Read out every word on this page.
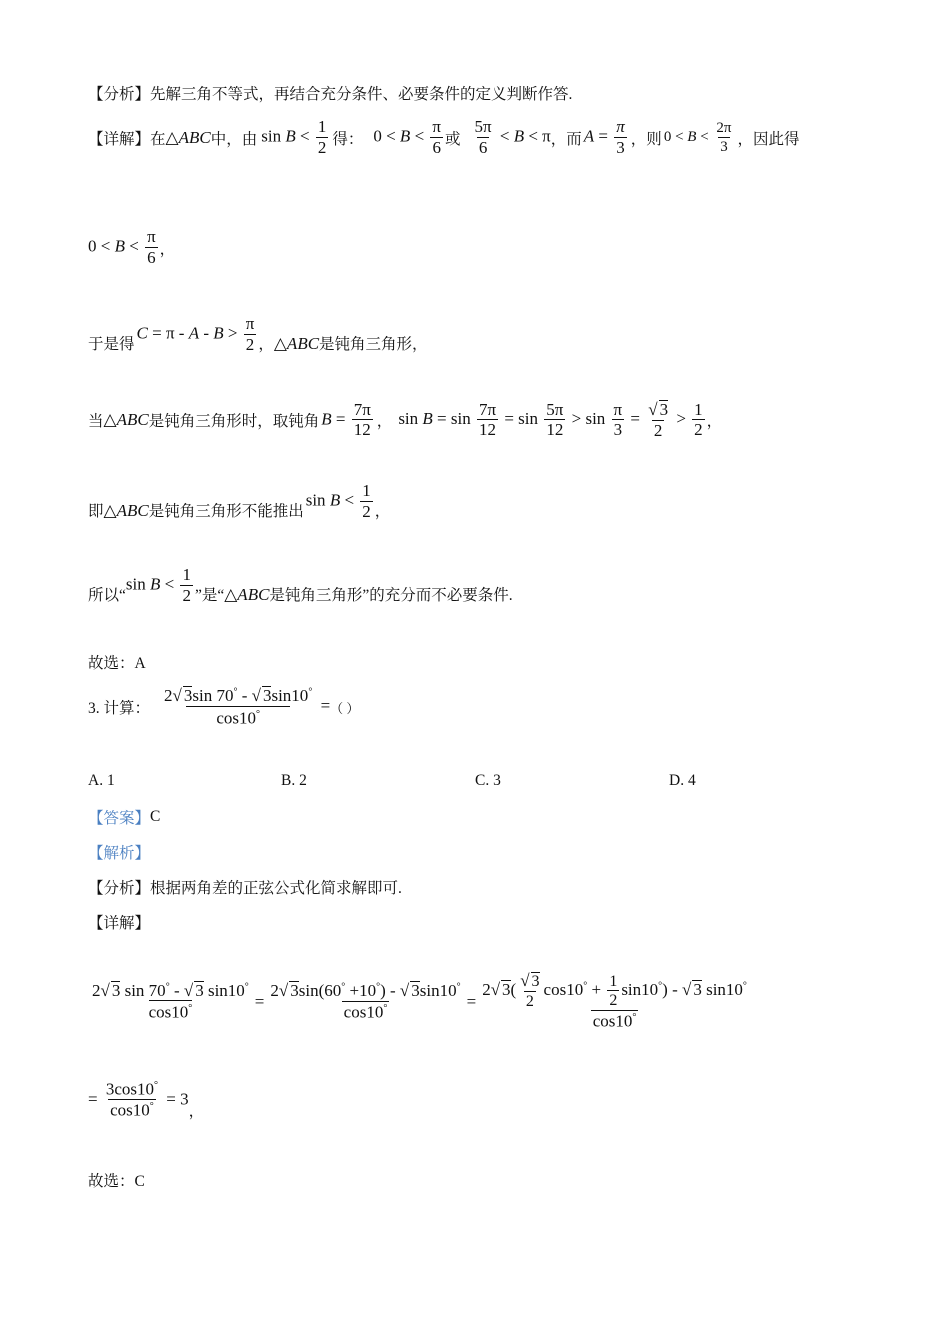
【分析】 先解三角不等式，再结合充分条件、必要条件的定义判断作答.
【详解】 在 △ABC 中，由 $\sin B < \frac{1}{2}$ 得： $0 < B < \frac{\pi}{6}$ 或 $\frac{5\pi}{6} < B < \pi$ ，而 $A = \frac{\pi}{3}$ ，则 $0 < B < \frac{2\pi}{3}$ ，因此得
$0 < B < \frac{\pi}{6}$ ，
于是得
$C = \pi - A - B > \frac{\pi}{2}$ ， △ABC 是钝角三角形，
当 △ABC 是钝角三角形时，取钝角 $B = \frac{7\pi}{12}$ ， $\sin B = \sin \frac{7\pi}{12} = \sin \frac{5\pi}{12} > \sin \frac{\pi}{3} = \frac{√ 3}{2} > \frac{1}{2}$ ，
即 △ABC 是钝角三角形不能推出
$\sin B < \frac{1}{2}$ ，
所以“
$\sin B < \frac{1}{2}$ ”是“ △ABC 是钝角三角形”的充分而不必要条件.
故选：A
3. 计算： $\frac{2√ 3\sin 70^\circ - √ 3\sin 10^\circ}{\cos 10^\circ}$ = （ ）
A. 1	B. 2	C. 3	D. 4
【答案】 C
【解析】
【分析】 根据两角差的正弦公式化简求解即可.
【详解】
$\frac{2√ 3 \sin 70^\circ - √ 3 \sin 10^\circ}{\cos 10^\circ} = \frac{2√ 3\sin(60^\circ +10^\circ) - √ 3\sin 10^\circ}{\cos 10^\circ} = \frac{2√ 3( \frac{√ 3}{2} \cos 10^\circ + \frac{1}{2} \sin 10^\circ) - √ 3 \sin 10^\circ}{\cos 10^\circ}$
= $\frac{3\cos 10^\circ}{\cos 10^\circ} = 3$
，
故选：C
